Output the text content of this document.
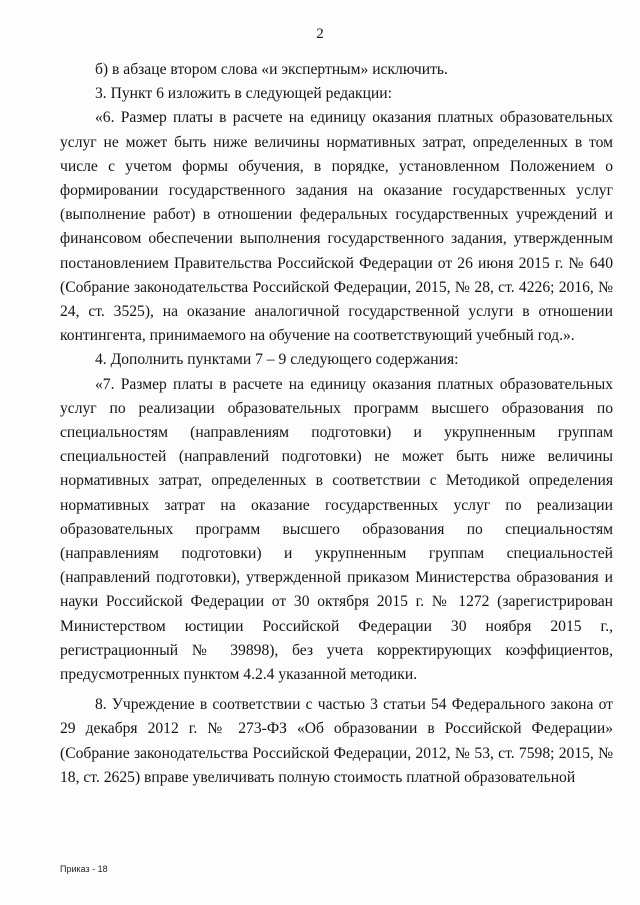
2

б) в абзаце втором слова «и экспертным» исключить.

3. Пункт 6 изложить в следующей редакции:

«6. Размер платы в расчете на единицу оказания платных образовательных услуг не может быть ниже величины нормативных затрат, определенных в том числе с учетом формы обучения, в порядке, установленном Положением о формировании государственного задания на оказание государственных услуг (выполнение работ) в отношении федеральных государственных учреждений и финансовом обеспечении выполнения государственного задания, утвержденным постановлением Правительства Российской Федерации от 26 июня 2015 г. № 640 (Собрание законодательства Российской Федерации, 2015, № 28, ст. 4226; 2016, № 24, ст. 3525), на оказание аналогичной государственной услуги в отношении контингента, принимаемого на обучение на соответствующий учебный год.».

4. Дополнить пунктами 7 – 9 следующего содержания:

«7. Размер платы в расчете на единицу оказания платных образовательных услуг по реализации образовательных программ высшего образования по специальностям (направлениям подготовки) и укрупненным группам специальностей (направлений подготовки) не может быть ниже величины нормативных затрат, определенных в соответствии с Методикой определения нормативных затрат на оказание государственных услуг по реализации образовательных программ высшего образования по специальностям (направлениям подготовки) и укрупненным группам специальностей (направлений подготовки), утвержденной приказом Министерства образования и науки Российской Федерации от 30 октября 2015 г. № 1272 (зарегистрирован Министерством юстиции Российской Федерации 30 ноября 2015 г., регистрационный № 39898), без учета корректирующих коэффициентов, предусмотренных пунктом 4.2.4 указанной методики.

8. Учреждение в соответствии с частью 3 статьи 54 Федерального закона от 29 декабря 2012 г. № 273-ФЗ «Об образовании в Российской Федерации» (Собрание законодательства Российской Федерации, 2012, № 53, ст. 7598; 2015, № 18, ст. 2625) вправе увеличивать полную стоимость платной образовательной

Приказ - 18
